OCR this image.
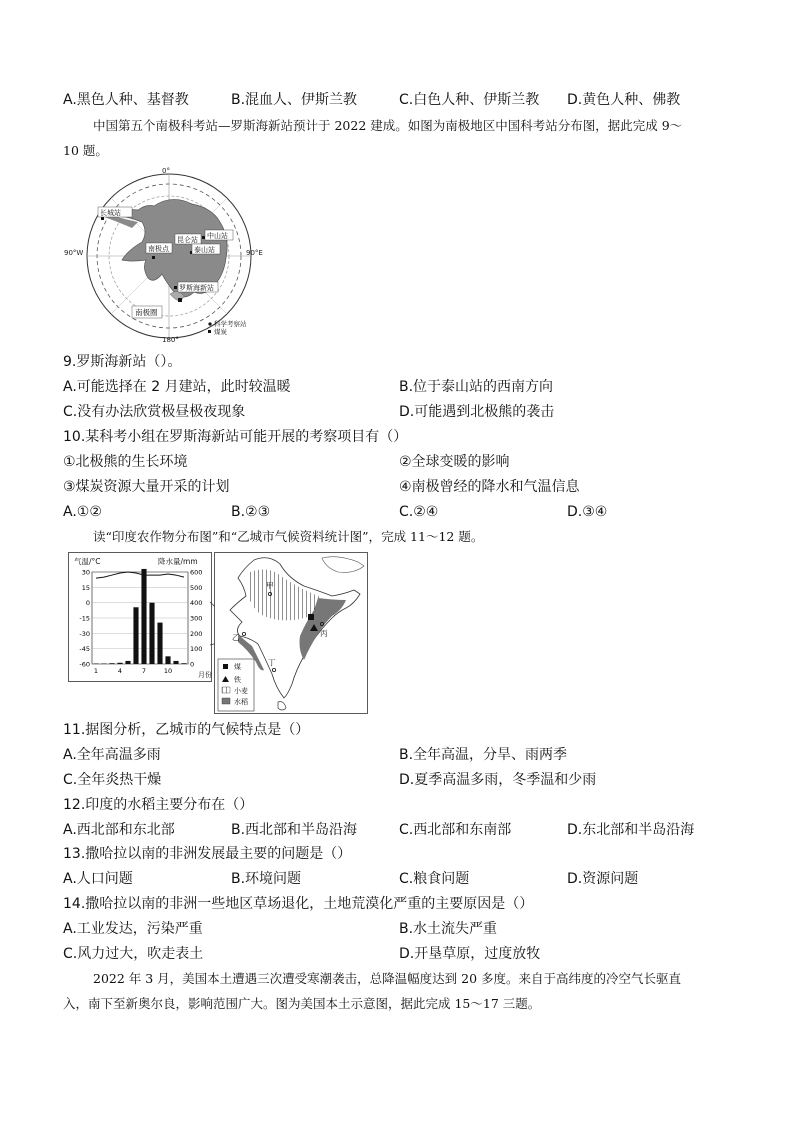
A.黑色人种、基督教	B.混血人、伊斯兰教	C.白色人种、伊斯兰教 D.黄色人种、佛教
中国第五个南极科考站—罗斯海新站预计于 2022 建成。如图为南极地区中国科考站分布图，据此完成 9～
10 题。
0°
90°W	90°E
180°
长城站
南极点
昆仑站 中山站
泰山站
罗斯海新站
南极圈
科学考察站
煤炭
9.罗斯海新站（）。
A.可能选择在 2 月建站，此时较温暖	B.位于泰山站的西南方向
C.没有办法欣赏极昼极夜现象	D.可能遇到北极熊的袭击
10.某科考小组在罗斯海新站可能开展的考察项目有（）
①北极熊的生长环境	②全球变暖的影响
③煤炭资源大量开采的计划	④南极曾经的降水和气温信息
A.①②	B.②③	C.②④	D.③④
读“印度农作物分布图”和“乙城市气候资料统计图”，完成 11～12 题。
气温/°C	降水量/mm
30	600
15	500
0	400
-15	300
-30	200
-45	100
-60	0
1	4	7	10	月份
甲
乙	丙
丁
煤
铁
小麦
水稻
11.据图分析，乙城市的气候特点是（）
A.全年高温多雨	B.全年高温，分旱、雨两季
C.全年炎热干燥	D.夏季高温多雨，冬季温和少雨
12.印度的水稻主要分布在（）
A.西北部和东北部	B.西北部和半岛沿海	C.西北部和东南部	D.东北部和半岛沿海
13.撒哈拉以南的非洲发展最主要的问题是（）
A.人口问题	B.环境问题	C.粮食问题	D.资源问题
14.撒哈拉以南的非洲一些地区草场退化，土地荒漠化严重的主要原因是（）
A.工业发达，污染严重	B.水土流失严重
C.风力过大，吹走表土	D.开垦草原，过度放牧
2022 年 3 月，美国本土遭遇三次遭受寒潮袭击，总降温幅度达到 20 多度。来自于高纬度的冷空气长驱直
入，南下至新奥尔良，影响范围广大。图为美国本土示意图，据此完成 15～17 三题。
